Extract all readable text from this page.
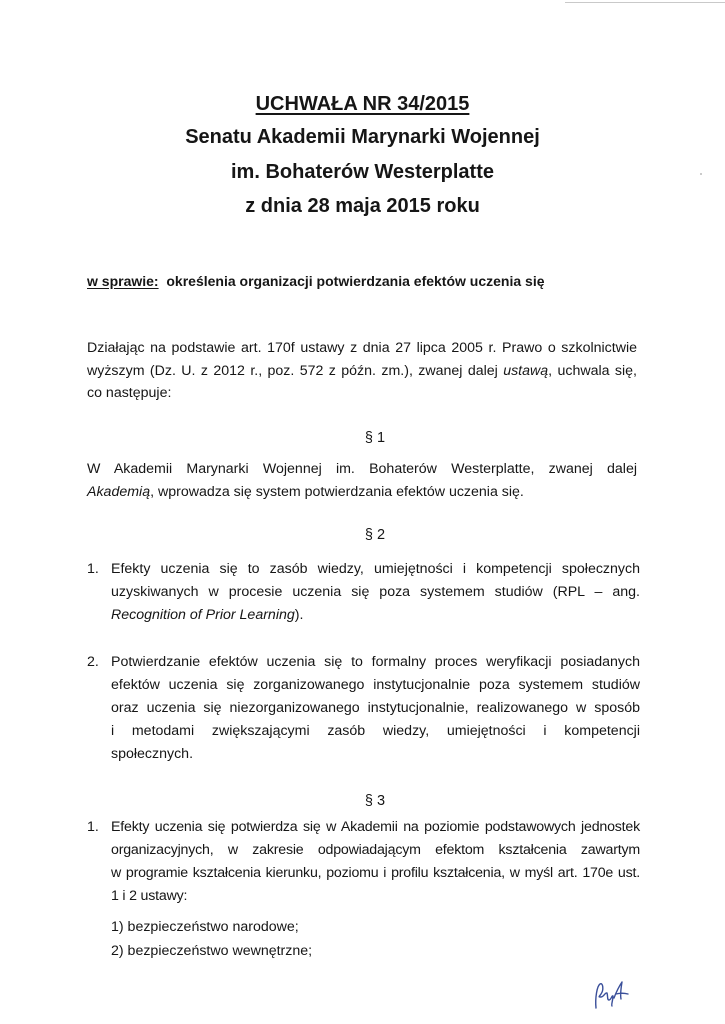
UCHWAŁA NR 34/2015
Senatu Akademii Marynarki Wojennej
im. Bohaterów Westerplatte
z dnia 28 maja 2015 roku
w sprawie: określenia organizacji potwierdzania efektów uczenia się
Działając na podstawie art. 170f ustawy z dnia 27 lipca 2005 r. Prawo o szkolnictwie
wyższym (Dz. U. z 2012 r., poz. 572 z późn. zm.), zwanej dalej ustawą, uchwala się,
co następuje:
§ 1
W Akademii Marynarki Wojennej im. Bohaterów Westerplatte, zwanej dalej
Akademią, wprowadza się system potwierdzania efektów uczenia się.
§ 2
1. Efekty uczenia się to zasób wiedzy, umiejętności i kompetencji społecznych
uzyskiwanych w procesie uczenia się poza systemem studiów (RPL – ang.
Recognition of Prior Learning).
2. Potwierdzanie efektów uczenia się to formalny proces weryfikacji posiadanych
efektów uczenia się zorganizowanego instytucjonalnie poza systemem studiów
oraz uczenia się niezorganizowanego instytucjonalnie, realizowanego w sposób
i metodami zwiększającymi zasób wiedzy, umiejętności i kompetencji
społecznych.
§ 3
1. Efekty uczenia się potwierdza się w Akademii na poziomie podstawowych jednostek
organizacyjnych, w zakresie odpowiadającym efektom kształcenia zawartym
w programie kształcenia kierunku, poziomu i profilu kształcenia, w myśl art. 170e ust.
1 i 2 ustawy:
1) bezpieczeństwo narodowe;
2) bezpieczeństwo wewnętrzne;
